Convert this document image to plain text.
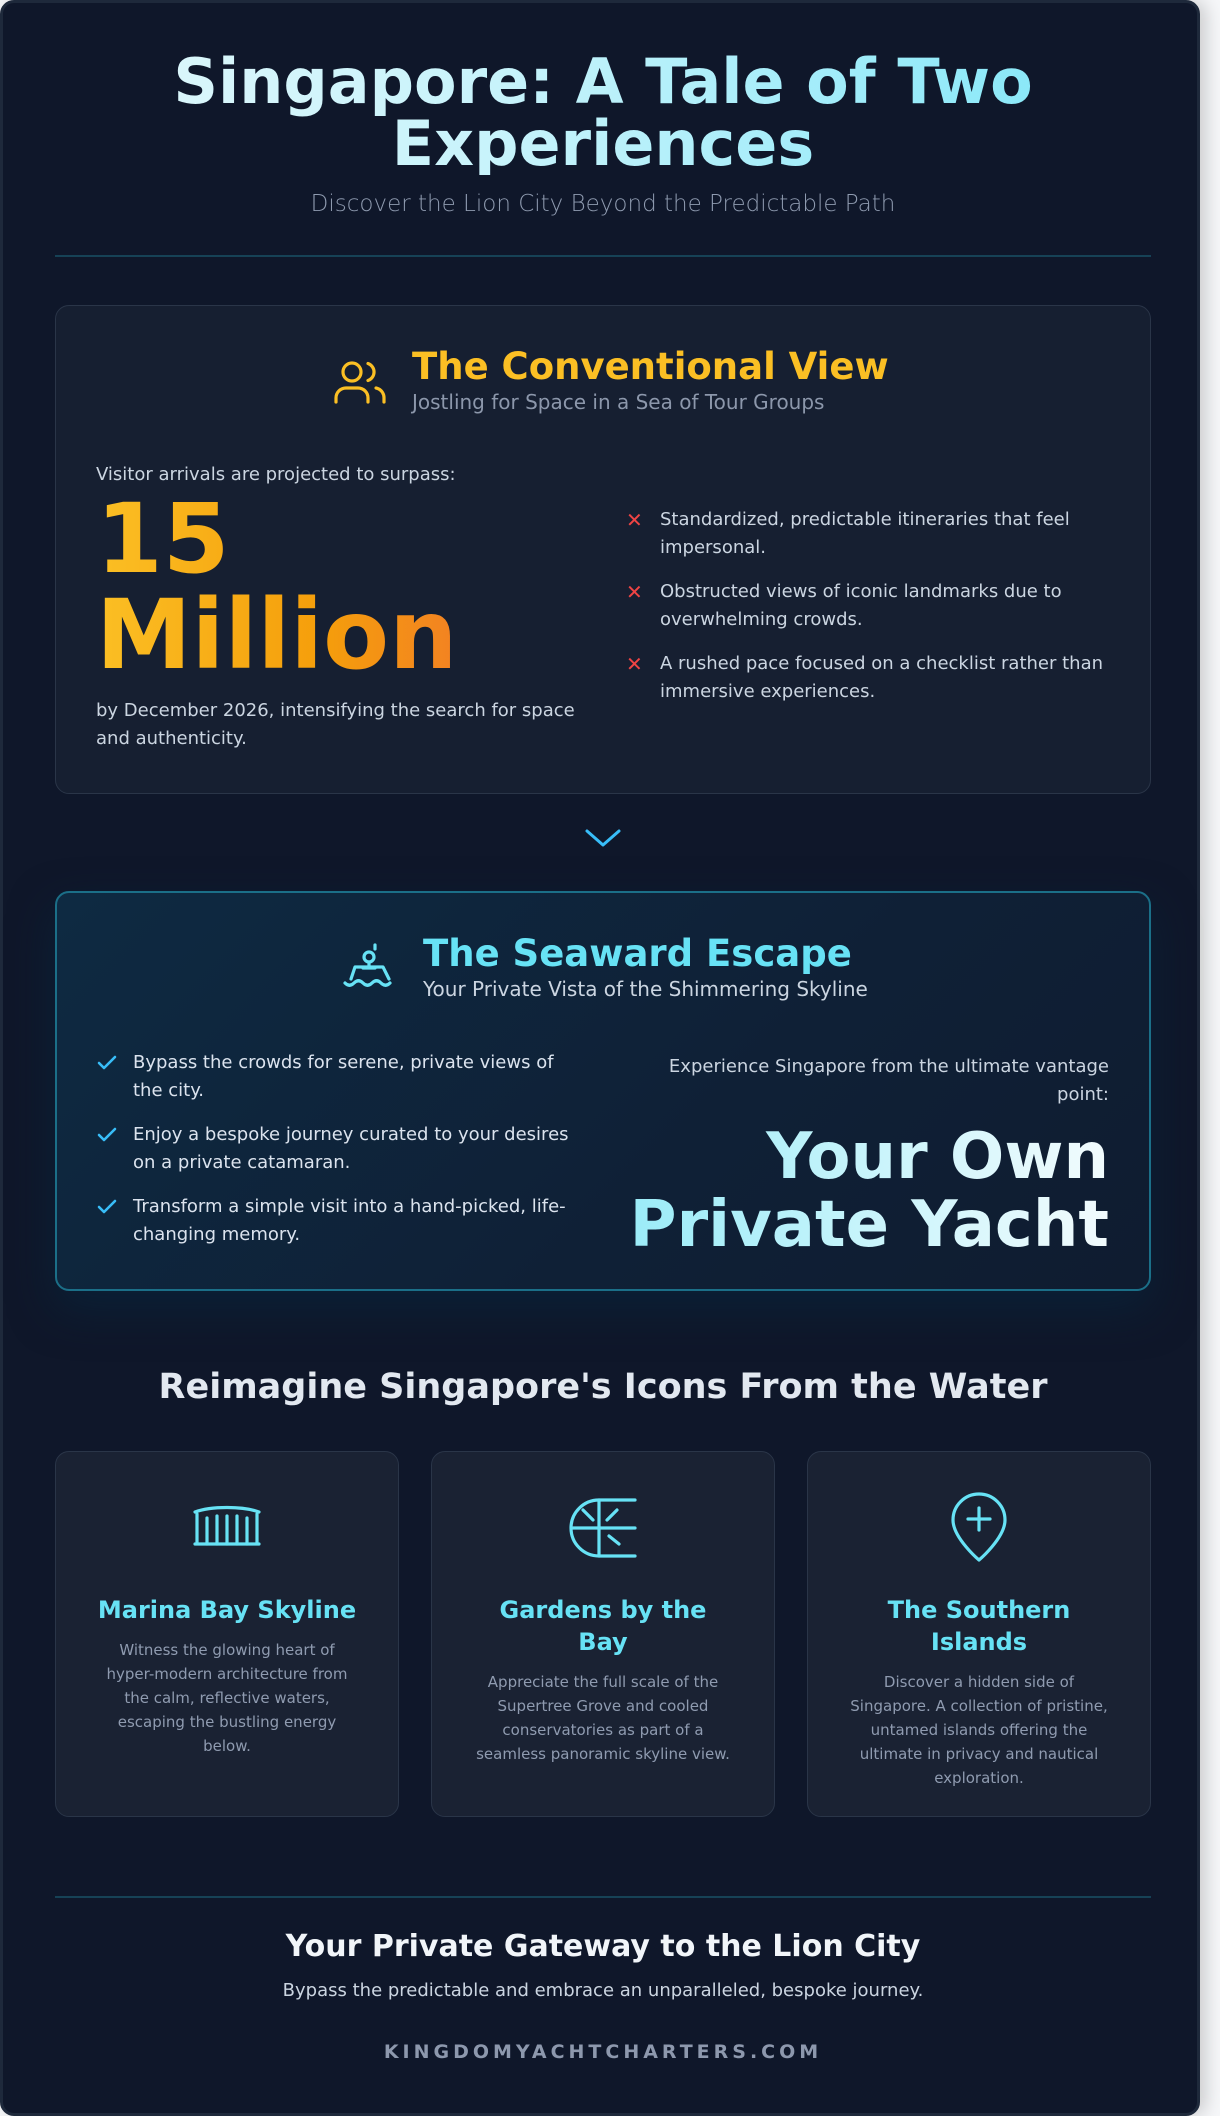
Singapore: A Tale of Two Experiences
Discover the Lion City Beyond the Predictable Path
The Conventional View
Jostling for Space in a Sea of Tour Groups
Visitor arrivals are projected to surpass:
15
Million
by December 2026, intensifying the search for space and authenticity.
✕ Standardized, predictable itineraries that feel impersonal.
✕ Obstructed views of iconic landmarks due to overwhelming crowds.
✕ A rushed pace focused on a checklist rather than immersive experiences.
The Seaward Escape
Your Private Vista of the Shimmering Skyline
Bypass the crowds for serene, private views of the city.
Enjoy a bespoke journey curated to your desires on a private catamaran.
Transform a simple visit into a hand-picked, life-changing memory.
Experience Singapore from the ultimate vantage point:
Your Own Private Yacht
Reimagine Singapore's Icons From the Water
Marina Bay Skyline
Witness the glowing heart of hyper-modern architecture from the calm, reflective waters, escaping the bustling energy below.
Gardens by the Bay
Appreciate the full scale of the Supertree Grove and cooled conservatories as part of a seamless panoramic skyline view.
The Southern Islands
Discover a hidden side of Singapore. A collection of pristine, untamed islands offering the ultimate in privacy and nautical exploration.
Your Private Gateway to the Lion City
Bypass the predictable and embrace an unparalleled, bespoke journey.
KINGDOMYACHTCHARTERS.COM
